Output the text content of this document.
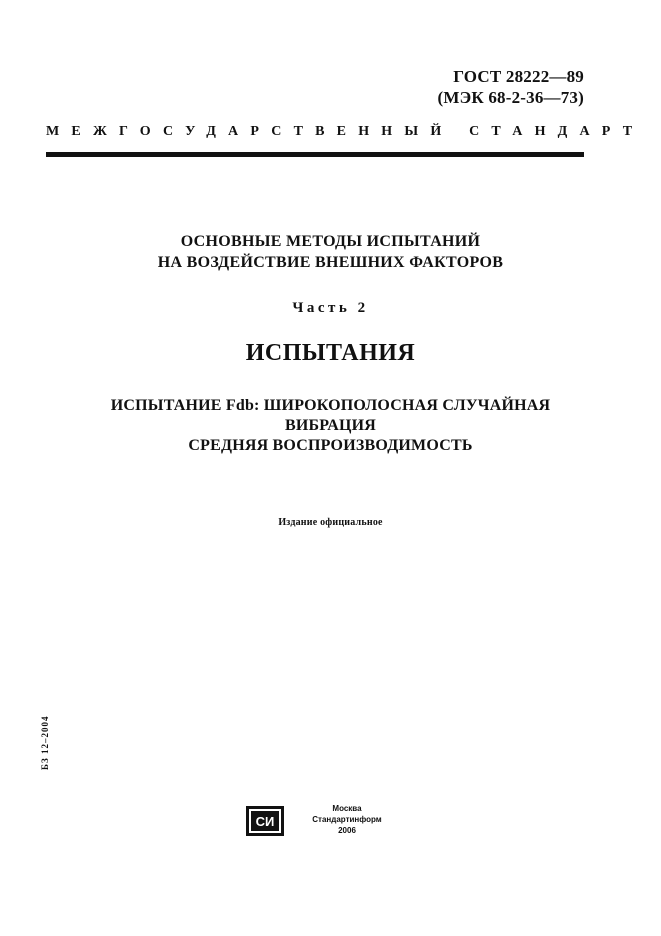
ГОСТ 28222—89
(МЭК 68-2-36—73)
МЕЖГОСУДАРСТВЕННЫЙ СТАНДАРТ
ОСНОВНЫЕ МЕТОДЫ ИСПЫТАНИЙ
НА ВОЗДЕЙСТВИЕ ВНЕШНИХ ФАКТОРОВ
Часть 2
ИСПЫТАНИЯ
ИСПЫТАНИЕ Fdb: ШИРОКОПОЛОСНАЯ СЛУЧАЙНАЯ
ВИБРАЦИЯ
СРЕДНЯЯ ВОСПРОИЗВОДИМОСТЬ
Издание официальное
БЗ 12–2004
СИ
Москва
Стандартинформ
2006
